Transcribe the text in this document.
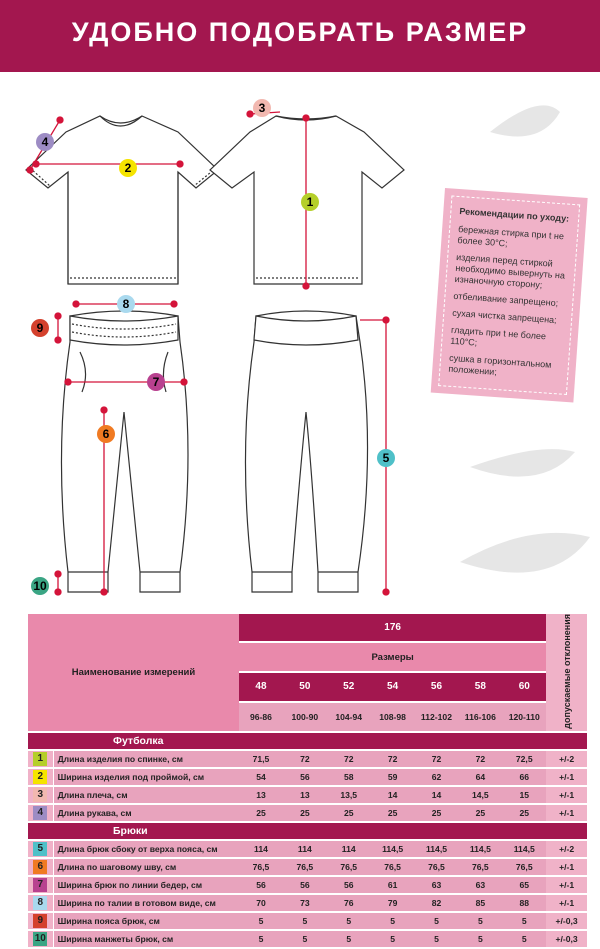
УДОБНО ПОДОБРАТЬ РАЗМЕР
1
2
3
4
5
6
7
8
9
10
Рекомендации по уходу:
бережная стирка при t не более 30°С;
изделия перед стиркой необходимо вывернуть на изнаночную сторону;
отбеливание запрещено;
сухая чистка запрещена;
гладить при t не более 110°С;
сушка в горизонтальном положении;
Наименование измерений		176							допускаемые отклонения
		Размеры							
		48	50	52	54	56	58	60	
		96-86	100-90	104-94	108-98	112-102	116-106	120-110	
Футболка									
1	Длина изделия по спинке, см	71,5	72	72	72	72	72	72,5	+/-2
2	Ширина изделия под проймой, см	54	56	58	59	62	64	66	+/-1
3	Длина плеча, см	13	13	13,5	14	14	14,5	15	+/-1
4	Длина рукава, см	25	25	25	25	25	25	25	+/-1
Брюки									
5	Длина брюк сбоку от верха пояса, см	114	114	114	114,5	114,5	114,5	114,5	+/-2
6	Длина по шаговому шву, см	76,5	76,5	76,5	76,5	76,5	76,5	76,5	+/-1
7	Ширина брюк по линии бедер, см	56	56	56	61	63	63	65	+/-1
8	Ширина по талии в готовом виде, см	70	73	76	79	82	85	88	+/-1
9	Ширина пояса брюк, см	5	5	5	5	5	5	5	+/-0,3
10	Ширина манжеты брюк, см	5	5	5	5	5	5	5	+/-0,3
